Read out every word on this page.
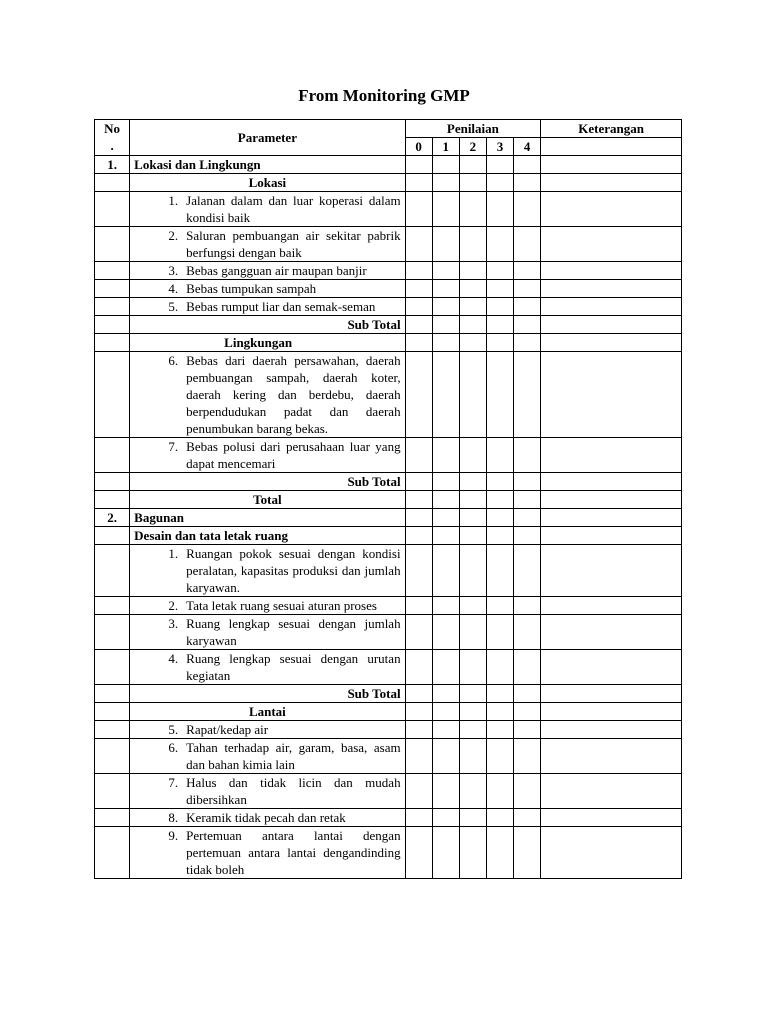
From Monitoring GMP
No
.	Parameter	Penilaian					Keterangan
		0	1	2	3	4	
1.	Lokasi dan Lingkungn						

	Lokasi						

	1. Jalanan dalam dan luar koperasi dalam kondisi baik						

	2. Saluran pembuangan air sekitar pabrik berfungsi dengan baik						

	3. Bebas gangguan air maupan banjir						

	4. Bebas tumpukan sampah						

	5. Bebas rumput liar dan semak-seman						

	Sub Total						

	Lingkungan						

	6. Bebas dari daerah persawahan, daerah pembuangan sampah, daerah koter, daerah kering dan berdebu, daerah berpendudukan padat dan daerah penumbukan barang bekas.						

	7. Bebas polusi dari perusahaan luar yang dapat mencemari						

	Sub Total						

	Total						

2.	Bagunan						

	Desain dan tata letak ruang						

	1. Ruangan pokok sesuai dengan kondisi peralatan, kapasitas produksi dan jumlah karyawan.						

	2. Tata letak ruang sesuai aturan proses						

	3. Ruang lengkap sesuai dengan jumlah karyawan						

	4. Ruang lengkap sesuai dengan urutan kegiatan						

	Sub Total						

	Lantai						

	5. Rapat/kedap air						

	6. Tahan terhadap air, garam, basa, asam dan bahan kimia lain						

	7. Halus dan tidak licin dan mudah dibersihkan						

	8. Keramik tidak pecah dan retak						

	9. Pertemuan antara lantai dengan pertemuan antara lantai dengandinding tidak boleh						
